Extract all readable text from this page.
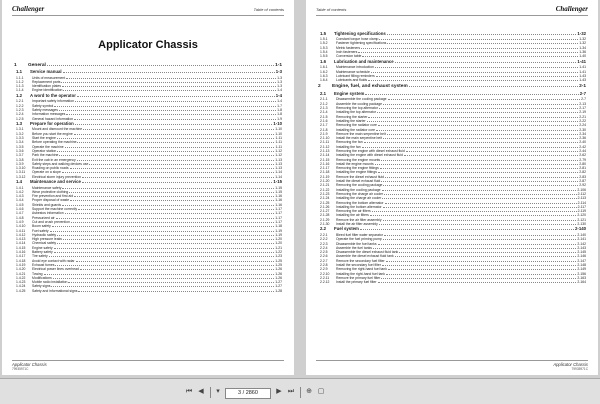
Challenger	Table of contents
Applicator Chassis
1	General	1-1
1.1	Service manual	1-3
1.1.1	Units of measurement	1-3
1.1.2	Replacement parts	1-3
1.1.3	Identification plates	1-3
1.1.4	Engine identification	1-4
1.2	A word to the operator	1-4
1.2.1	Important safety information	1-4
1.2.2	Safety symbol	1-7
1.2.3	Safety messages	1-8
1.2.4	Information messages	1-8
1.2.5	General hazard information	1-9
1.3	Prepare for operation	1-10
1.3.1	Mount and dismount the machine	1-10
1.3.2	Before you start the engine	1-10
1.3.3	Start the engine	1-11
1.3.4	Before operating the machine	1-11
1.3.5	Operate the machine	1-11
1.3.6	Operator station	1-12
1.3.7	Park the machine	1-12
1.3.8	Exit the cab in an emergency	1-13
1.3.9	Safety steps and walking devices use	1-13
1.3.10	Roading on public roads	1-13
1.3.11	Operate on a slope	1-14
1.3.12	Electrical storm injury prevention	1-14
1.4	Maintenance and service	1-15
1.4.1	Maintenance safety	1-15
1.4.2	Wear protective clothing	1-15
1.4.3	Fire prevention and first aid	1-16
1.4.4	Proper disposal of waste	1-16
1.4.5	Shields and guards	1-16
1.4.6	Support the machine correctly	1-17
1.4.7	Asbestos information	1-17
1.4.8	Pressurized air	1-17
1.4.9	Cut and crush prevention	1-17
1.4.10	Boom safety	1-18
1.4.11	Fuel safety	1-19
1.4.12	Hydraulic safety	1-19
1.4.13	High pressure leaks	1-20
1.4.14	Chemical safety	1-20
1.4.15	Engine safety	1-21
1.4.16	Battery safety	1-22
1.4.17	Tire safety	1-23
1.4.18	Avoid eye contact with radar	1-25
1.4.19	Exhaust fumes	1-25
1.4.20	Electrical power lines overhead	1-26
1.4.21	Towing	1-26
1.4.22	Modifications	1-26
1.4.23	Mobile radio installation	1-27
1.4.24	Safety signs	1-27
1.4.25	Safety and informational signs	1-28
Applicator Chassis
79935971C
Table of contents	Challenger
1.5	Tightening specifications	1-32
1.5.1	Constant torque hose clamp	1-32
1.5.2	Fastener tightening specifications	1-32
1.5.3	Metric fasteners	1-34
1.5.4	Inch fasteners	1-36
1.5.5	Conversion table	1-40
1.6	Lubrication and maintenance	1-41
1.6.1	Maintenance introduction	1-41
1.6.2	Maintenance schedule	1-41
1.6.3	Lubricant filling reminders	1-43
1.6.4	Lubricants and fluids	1-43
2	Engine, fuel, and exhaust system	2-1
2.1	Engine system	2-7
2.1.1	Disassemble the cooling package	2-7
2.1.2	Assemble the cooling package	2-13
2.1.3	Removing the top alternator	2-17
2.1.4	Installing the top alternator	2-19
2.1.5	Removing the starter	2-21
2.1.6	Installing the starter	2-22
2.1.7	Removing the radiator core	2-24
2.1.8	Installing the radiator core	2-30
2.1.9	Remove the main serpentine belt	2-34
2.1.10	Install the main serpentine belt	2-36
2.1.11	Removing the fan	2-40
2.1.12	Installing the fan	2-42
2.1.13	Removing the engine with diesel exhaust fluid	2-44
2.1.14	Installing the engine with diesel exhaust fluid	2-62
2.1.15	Removing the engine mounts	2-79
2.1.16	Install the engine mounts	2-80
2.1.17	Removing the engine fittings	2-81
2.1.18	Installing the engine fittings	2-82
2.1.19	Remove the diesel exhaust fluid	2-83
2.1.20	Install the diesel exhaust fluid	2-87
2.1.21	Removing the cooling package	2-92
2.1.22	Installing the cooling package	2-106
2.1.23	Removing the charge air cooler	2-112
2.1.24	Installing the charge air cooler	2-113
2.1.25	Removing the bottom alternator	2-114
2.1.26	Installing the bottom alternator	2-117
2.1.27	Removing the air filters	2-119
2.1.28	Installing the air filters	2-120
2.1.29	Remove the air filter assembly	2-121
2.1.30	Install the air filter assembly	2-130
2.2	Fuel system	2-140
2.2.1	Bleed fuel filter water separator	2-140
2.2.2	Operate the fuel priming pump	2-141
2.2.3	Disassemble the fuel tanks	2-142
2.2.4	Assemble the fuel tanks	2-143
2.2.5	Disassemble the diesel exhaust fluid tank	2-145
2.2.6	Assemble the diesel exhaust fluid tank	2-146
2.2.7	Remove the secondary fuel filter	2-147
2.2.8	Install the secondary fuel filter	2-148
2.2.9	Removing the right-hand fuel tank	2-149
2.2.10	Installing the right-hand fuel tank	2-156
2.2.11	Remove the primary fuel filter	2-163
2.2.12	Install the primary fuel filter	2-164
Applicator Chassis
79935971C
⏮ ◀	▾	3 / 2860	▶ ⏭ ⊕ ▢
